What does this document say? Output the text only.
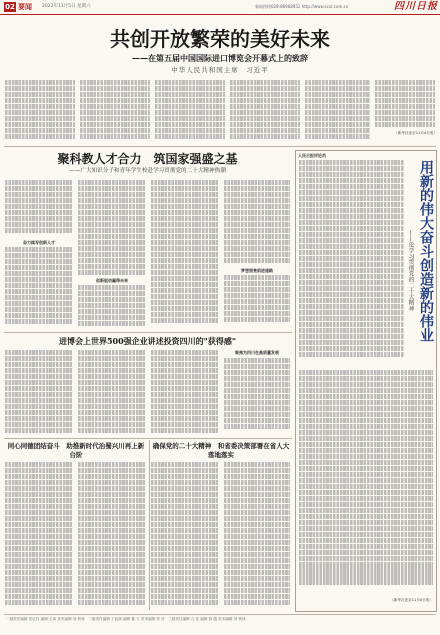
02 要闻 2022年11月5日 星期六	新闻热线028-86968952 http://www.scol.com.cn	四川日报
共创开放繁荣的美好未来
——在第五届中国国际进口博览会开幕式上的致辞
中华人民共和国主席　习近平
（新华社北京11月4日电）
聚科教人才合力　筑国家强盛之基
——广大知识分子和青年学生校赴学习贯彻党的二十大精神热潮
奋力续写创新人才
创新驱动赢得未来
梦想照亮前进道路
人民日报评论员
用新的伟大奋斗创造新的伟业
——论学习贯彻党的二十大精神
（新华社北京11月4日电）
进博会上世界500强企业讲述投资四川的"获得感"
聚焦为四川在高质量发展
同心同德团结奋斗　助推新时代治蜀兴川再上新台阶
确保党的二十大精神　和省委决策部署在省人大落地落实
一版责任编辑 张亿钰 编辑 王禹 美术编辑 刘 秋林　二版责任编辑 于骁颜 编辑 董 力 美术编辑 李 晋　三版责任编辑 石 佳 编辑 陈 越 美术编辑 刘 秋林
